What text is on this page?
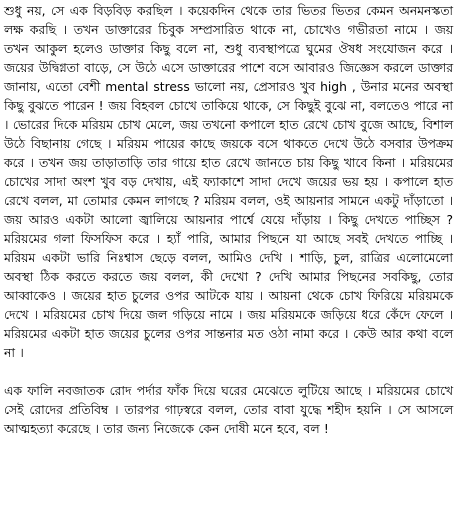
শুধু নয়, সে এক বিড়বিড় করছিল । কয়েকদিন থেকে তার ভিতর ভিতর কেমন অনমনস্কতা লক্ষ করছি । তখন ডাক্তারের চিবুক সম্প্রসারিত থাকে না, চোখেও গভীরতা নামে । জয় তখন আকুল হলেও ডাক্তার কিছু বলে না, শুধু ব্যবস্থাপত্রে ঘুমের ঔষধ সংযোজন করে । জয়ের উদ্বিগ্নতা বাড়ে, সে উঠে এসে ডাক্তারের পাশে বসে আবারও জিজ্ঞেস করলে ডাক্তার জানায়, এতো বেশী mental stress ভালো নয়, প্রেসারও খুব high , উনার মনের অবস্থা কিছু বুঝতে পারেন ! জয় বিহবল চোখে তাকিয়ে থাকে, সে কিছুই বুঝে না, বলতেও পারে না । ভোরের দিকে মরিয়ম চোখ মেলে, জয় তখনো কপালে হাত রেখে চোখ বুজে আছে, বিশাল উঠে বিছানায় গেছে । মরিয়ম পায়ের কাছে জয়কে বসে থাকতে দেখে উঠে বসবার উপক্রম করে । তখন জয় তাড়াতাড়ি তার গায়ে হাত রেখে জানতে চায় কিছু খাবে কিনা । মরিয়মের চোখের সাদা অংশ খুব বড় দেখায়, এই ফ্যাকাশে সাদা দেখে জয়ের ভয় হয় । কপালে হাত রেখে বলল, মা তোমার কেমন লাগছে ? মরিয়ম বলল, ওই আয়নার সামনে একটু দাঁড়াতো । জয় আরও একটা আলো জ্বালিয়ে আয়নার পার্শ্বে যেয়ে দাঁড়ায় । কিছু দেখতে পাচ্ছিস ? মরিয়মের গলা ফিসফিস করে । হ্যাঁ পারি, আমার পিছনে যা আছে সবই দেখতে পাচ্ছি । মরিয়ম একটা ভারি নিঃশ্বাস ছেড়ে বলল, আমিও দেখি । শাড়ি, চুল, রাত্রির এলোমেলো অবস্থা ঠিক করতে করতে জয় বলল, কী দেখো ? দেখি আমার পিছনের সবকিছু, তোর আব্বাকেও । জয়ের হাত চুলের ওপর আটকে যায় । আয়না থেকে চোখ ফিরিয়ে মরিয়মকে দেখে । মরিয়মের চোখ দিয়ে জল গড়িয়ে নামে । জয় মরিয়মকে জড়িয়ে ধরে কেঁদে ফেলে । মরিয়মের একটা হাত জয়ের চুলের ওপর সান্তনার মত ওঠা নামা করে । কেউ আর কথা বলে না ।

এক ফালি নবজাতক রোদ পর্দার ফাঁক দিয়ে ঘরের মেঝেতে লুটিয়ে আছে । মরিয়মের চোখে সেই রোদের প্রতিবিম্ব । তারপর গাঢ়স্বরে বলল, তোর বাবা যুদ্ধে শহীদ হয়নি । সে আসলে আত্মহত্যা করেছে । তার জন্য নিজেকে কেন দোষী মনে হবে, বল !
